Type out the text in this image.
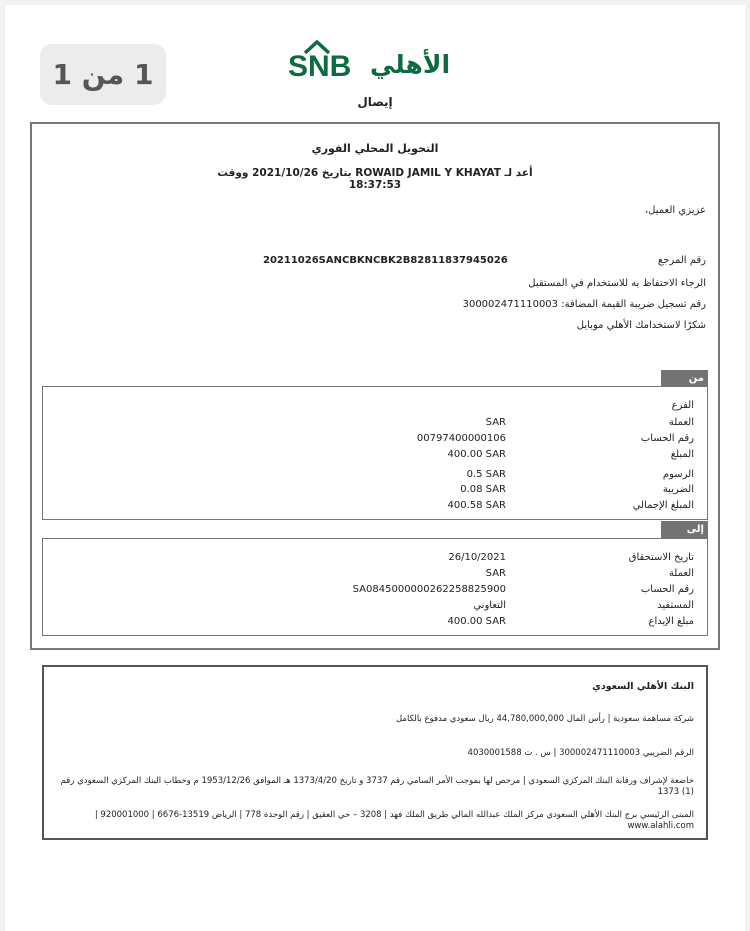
1 من 1	SNB الأهلي
إيصال
التحويل المحلي الفوري
أعد لـ ROWAID JAMIL Y KHAYAT بتاريخ 2021/10/26 ووقت 18:37:53
عزيزي العميل،
رقم المرجع
20211026SANCBKNCBK2B82811837945026
الرجاء الاحتفاظ به للاستخدام في المستقبل
رقم تسجيل ضريبة القيمة المضافة: 300002471110003
شكرًا لاستخدامك الأهلي موبايل
من
الفرع
العملة
SAR
رقم الحساب
00797400000106
المبلغ
400.00 SAR
الرسوم
0.5 SAR
الضريبة
0.08 SAR
المبلغ الإجمالي
400.58 SAR
إلى
تاريخ الاستحقاق
26/10/2021
العملة
SAR
رقم الحساب
SA0845000000262258825900
المستفيد
التعاوني
مبلغ الإيداع
400.00 SAR
البنك الأهلي السعودي
شركة مساهمة سعودية | رأس المال 44,780,000,000 ريال سعودي مدفوع بالكامل
الرقم الضريبي 300002471110003 | س . ت 4030001588
خاضعة لإشراف ورقابة البنك المركزي السعودي | مرخص لها بموجب الأمر السامي رقم 3737 و تاريخ 1373/4/20 هـ الموافق 1953/12/26 م وخطاب البنك المركزي السعودي رقم (1) 1373
المبنى الرئيسي برج البنك الأهلي السعودي مركز الملك عبدالله المالي طريق الملك فهد | 3208 – حي العقيق | رقم الوحدة 778 | الرياض 13519-6676 | 920001000 | www.alahli.com
